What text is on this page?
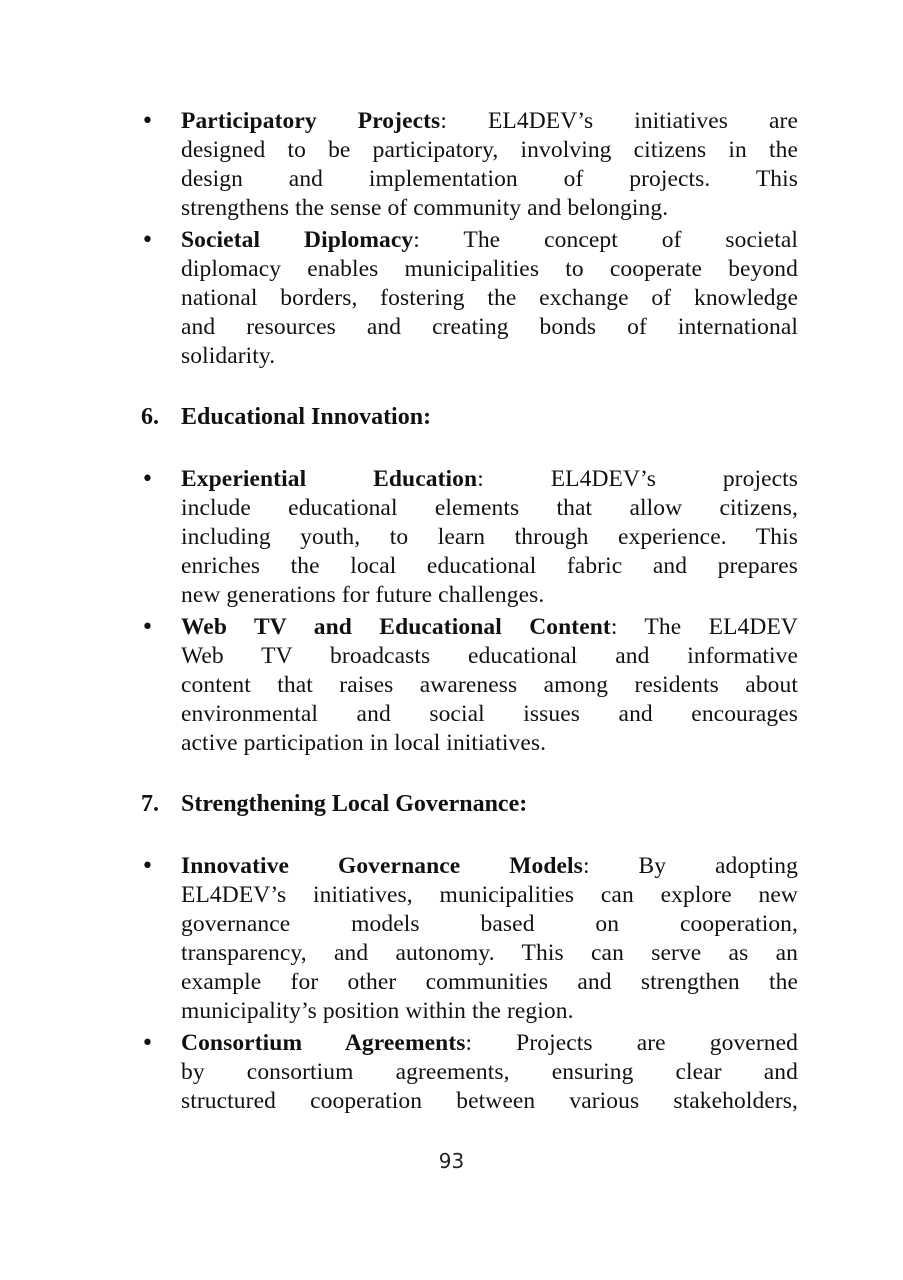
• Participatory Projects: EL4DEV’s initiatives are
designed to be participatory, involving citizens in the
design and implementation of projects. This
strengthens the sense of community and belonging.
• Societal Diplomacy: The concept of societal
diplomacy enables municipalities to cooperate beyond
national borders, fostering the exchange of knowledge
and resources and creating bonds of international
solidarity.
6. Educational Innovation:
• Experiential Education: EL4DEV’s projects
include educational elements that allow citizens,
including youth, to learn through experience. This
enriches the local educational fabric and prepares
new generations for future challenges.
• Web TV and Educational Content: The EL4DEV
Web TV broadcasts educational and informative
content that raises awareness among residents about
environmental and social issues and encourages
active participation in local initiatives.
7. Strengthening Local Governance:
• Innovative Governance Models: By adopting
EL4DEV’s initiatives, municipalities can explore new
governance models based on cooperation,
transparency, and autonomy. This can serve as an
example for other communities and strengthen the
municipality’s position within the region.
• Consortium Agreements: Projects are governed
by consortium agreements, ensuring clear and
structured cooperation between various stakeholders,
93
